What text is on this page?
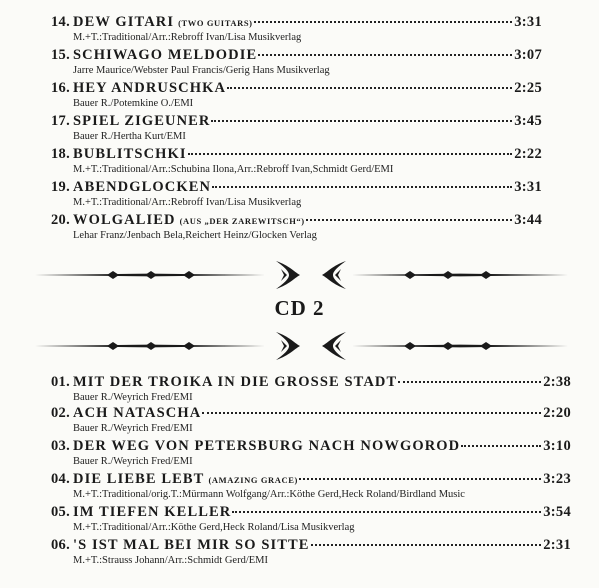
14. DEW GITARI (TWO GUITARS)	3:31
M.+T.:Traditional/Arr.:Rebroff Ivan/Lisa Musikverlag
15. SCHIWAGO MELDODIE	3:07
Jarre Maurice/Webster Paul Francis/Gerig Hans Musikverlag
16. HEY ANDRUSCHKA	2:25
Bauer R./Potemkine O./EMI
17. SPIEL ZIGEUNER	3:45
Bauer R./Hertha Kurt/EMI
18. BUBLITSCHKI	2:22
M.+T.:Traditional/Arr.:Schubina Ilona,Arr.:Rebroff Ivan,Schmidt Gerd/EMI
19. ABENDGLOCKEN	3:31
M.+T.:Traditional/Arr.:Rebroff Ivan/Lisa Musikverlag
20. WOLGALIED (AUS „DER ZAREWITSCH“)	3:44
Lehar Franz/Jenbach Bela,Reichert Heinz/Glocken Verlag
CD 2
01. MIT DER TROIKA IN DIE GROSSE STADT	2:38
Bauer R./Weyrich Fred/EMI
02. ACH NATASCHA	2:20
Bauer R./Weyrich Fred/EMI
03. DER WEG VON PETERSBURG NACH NOWGOROD	3:10
Bauer R./Weyrich Fred/EMI
04. DIE LIEBE LEBT (AMAZING GRACE)	3:23
M.+T.:Traditional/orig.T.:Mürmann Wolfgang/Arr.:Köthe Gerd,Heck Roland/Birdland Music
05. IM TIEFEN KELLER	3:54
M.+T.:Traditional/Arr.:Köthe Gerd,Heck Roland/Lisa Musikverlag
06. 'S IST MAL BEI MIR SO SITTE	2:31
M.+T.:Strauss Johann/Arr.:Schmidt Gerd/EMI
